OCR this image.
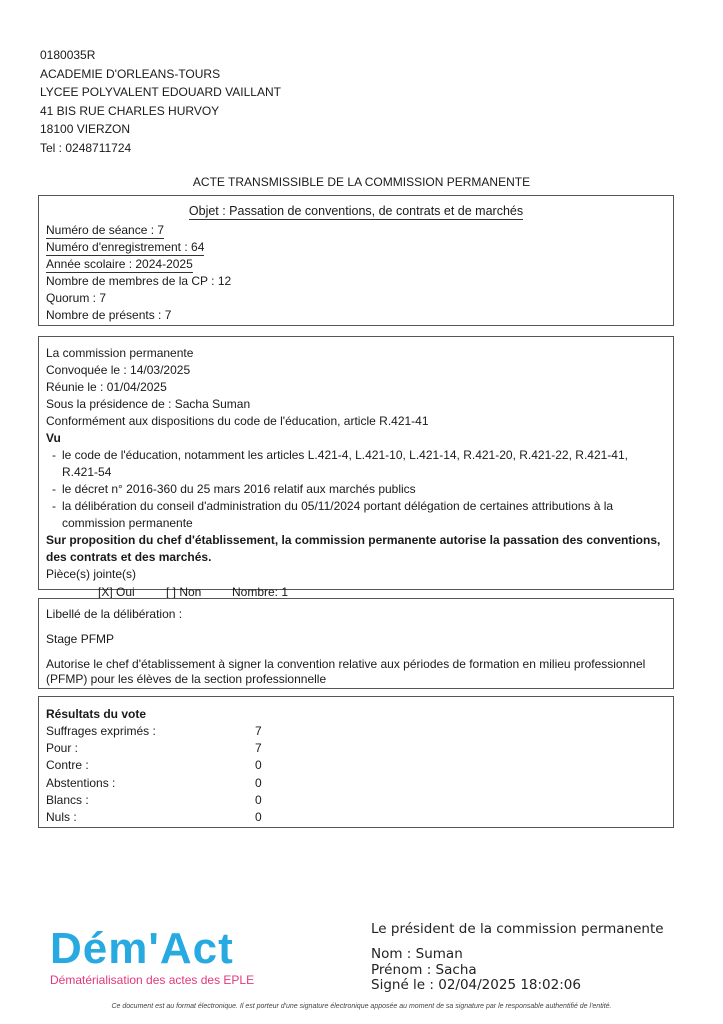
0180035R
ACADEMIE D'ORLEANS-TOURS
LYCEE POLYVALENT EDOUARD VAILLANT
41 BIS RUE CHARLES HURVOY
18100 VIERZON
Tel : 0248711724
ACTE TRANSMISSIBLE DE LA COMMISSION PERMANENTE
Objet : Passation de conventions, de contrats et de marchés
Numéro de séance : 7
Numéro d'enregistrement : 64
Année scolaire : 2024-2025
Nombre de membres de la CP : 12
Quorum : 7
Nombre de présents : 7

La commission permanente

Convoquée le : 14/03/2025

Réunie le : 01/04/2025

Sous la présidence de : Sacha Suman

Conformément aux dispositions du code de l'éducation, article R.421-41

Vu

- le code de l'éducation, notamment les articles L.421-4, L.421-10, L.421-14, R.421-20, R.421-22, R.421-41, R.421-54
- le décret n° 2016-360 du 25 mars 2016 relatif aux marchés publics
- la délibération du conseil d'administration du 05/11/2024 portant délégation de certaines attributions à la commission permanente

Sur proposition du chef d'établissement, la commission permanente autorise la passation des conventions, des contrats et des marchés.

Pièce(s) jointe(s)

[X] Oui	[ ] Non	Nombre: 1

Libellé de la délibération :

Stage PFMP

Autorise le chef d'établissement à signer la convention relative aux périodes de formation en milieu professionnel (PFMP) pour les élèves de la section professionnelle

Résultats du vote
Suffrages exprimés :	7
Pour :	7
Contre :	0
Abstentions :	0
Blancs :	0
Nuls :	0
Dém'Act
Dématérialisation des actes des EPLE
Le président de la commission permanente
Nom : Suman
Prénom : Sacha
Signé le : 02/04/2025 18:02:06
Ce document est au format électronique. Il est porteur d'une signature électronique apposée au moment de sa signature par le responsable authentifié de l'entité.
